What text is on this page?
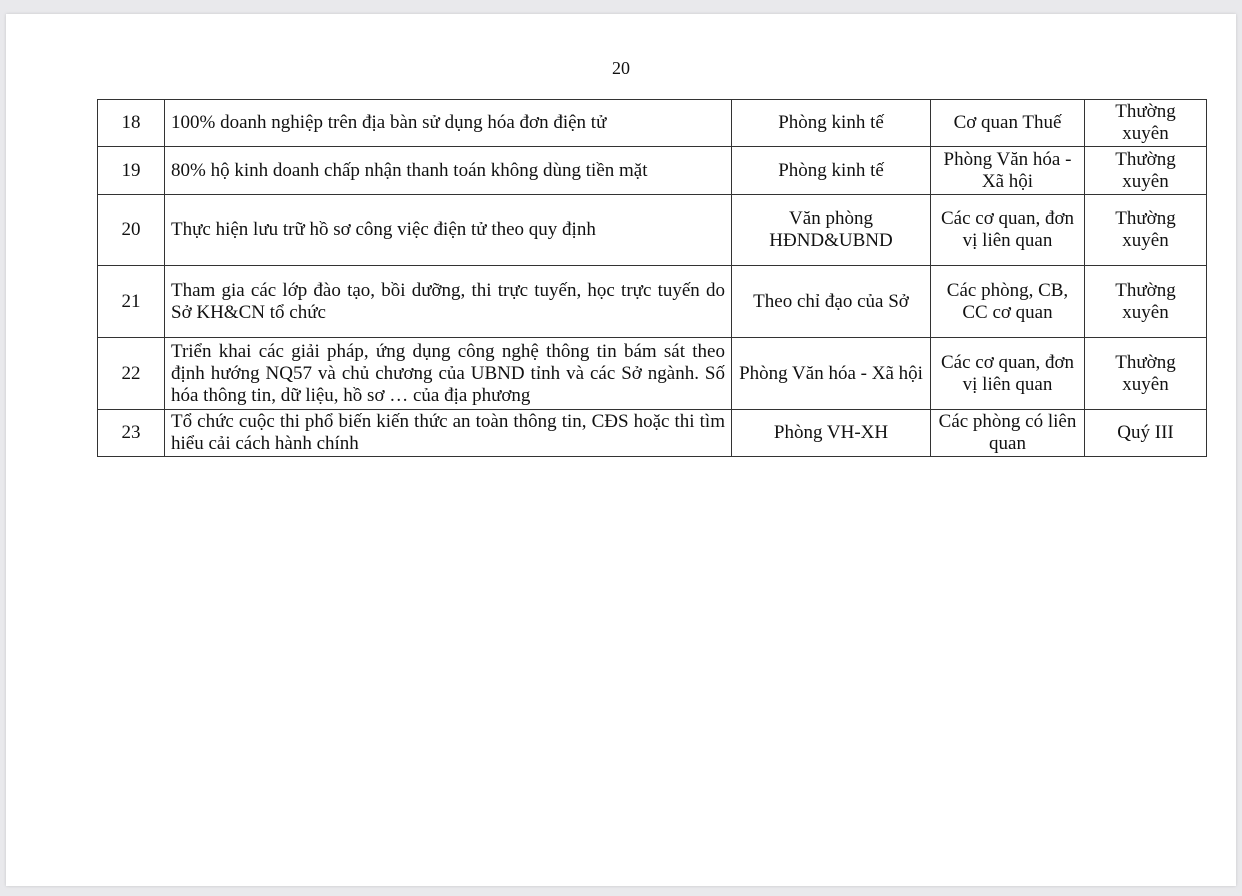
20
18	100% doanh nghiệp trên địa bàn sử dụng hóa đơn điện tử	Phòng kinh tế	Cơ quan Thuế	Thường xuyên
19	80% hộ kinh doanh chấp nhận thanh toán không dùng tiền mặt	Phòng kinh tế	Phòng Văn hóa - Xã hội	Thường xuyên
20	Thực hiện lưu trữ hồ sơ công việc điện tử theo quy định	Văn phòng HĐND&UBND	Các cơ quan, đơn vị liên quan	Thường xuyên
21	Tham gia các lớp đào tạo, bồi dưỡng, thi trực tuyến, học trực tuyến do Sở KH&CN tổ chức	Theo chỉ đạo của Sở	Các phòng, CB, CC cơ quan	Thường xuyên
22	Triển khai các giải pháp, ứng dụng công nghệ thông tin bám sát theo định hướng NQ57 và chủ chương của UBND tỉnh và các Sở ngành. Số hóa thông tin, dữ liệu, hồ sơ … của địa phương	Phòng Văn hóa - Xã hội	Các cơ quan, đơn vị liên quan	Thường xuyên
23	Tổ chức cuộc thi phổ biến kiến thức an toàn thông tin, CĐS hoặc thi tìm hiểu cải cách hành chính	Phòng VH-XH	Các phòng có liên quan	Quý III
